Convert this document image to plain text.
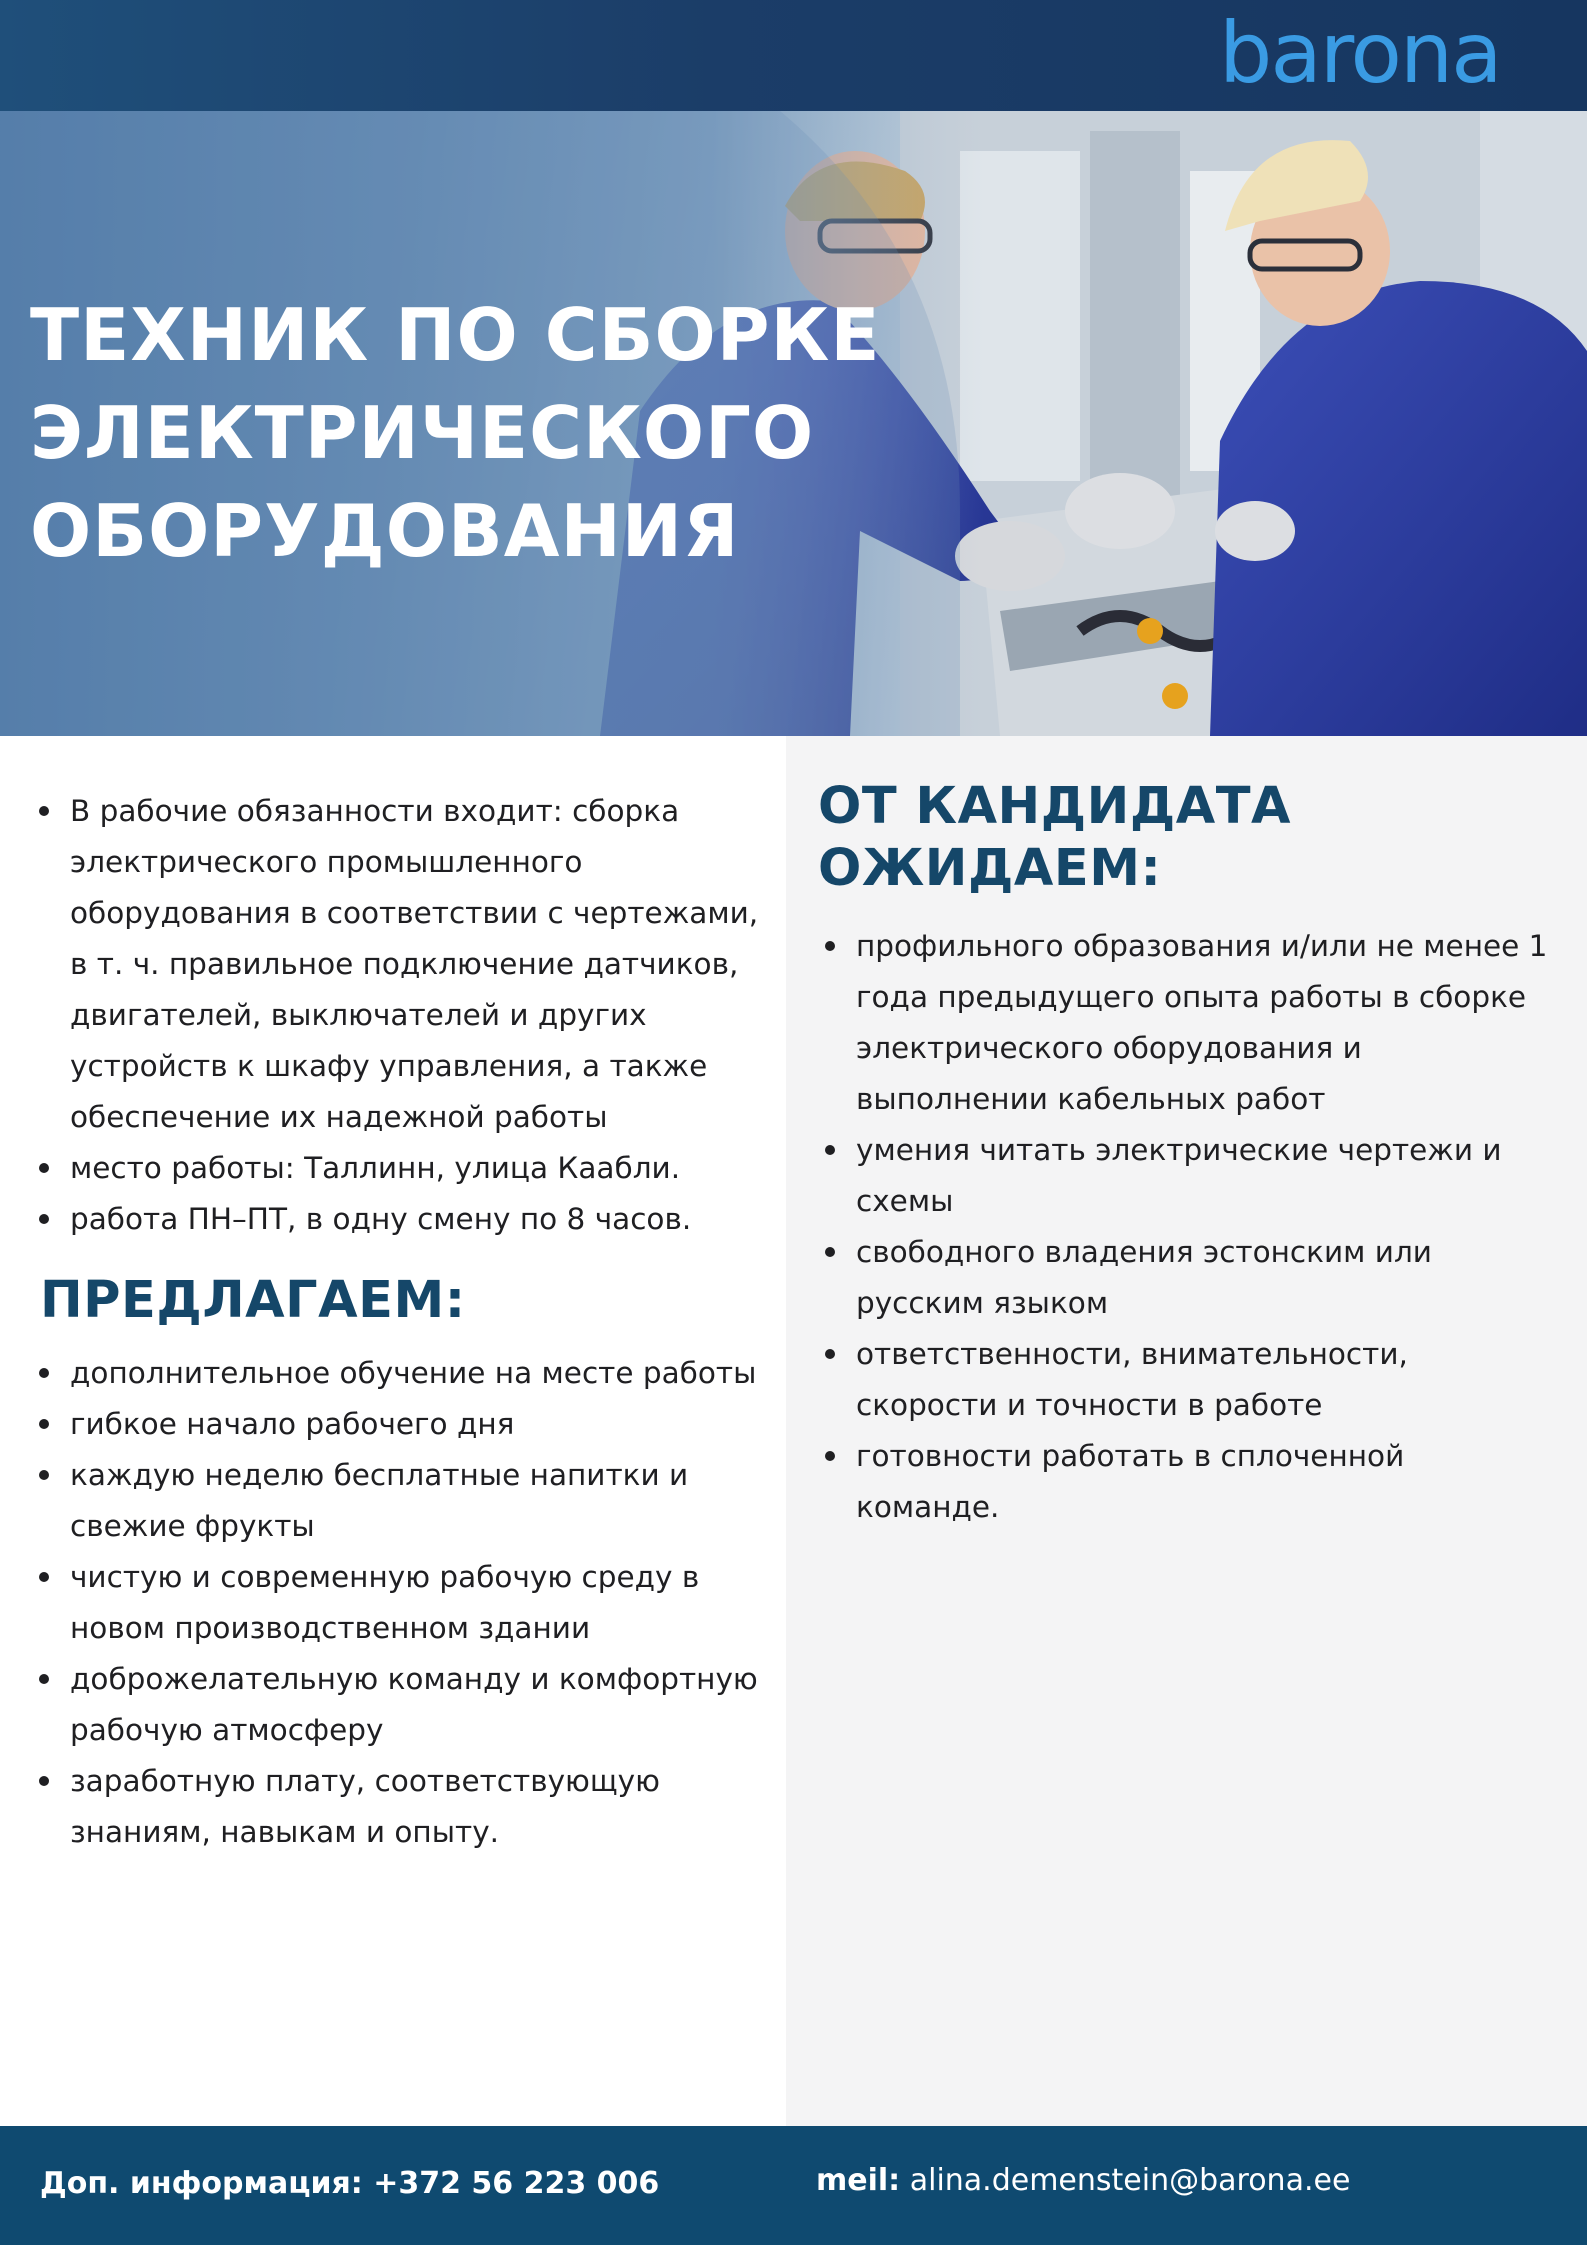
barona
ТЕХНИК ПО СБОРКЕ
ЭЛЕКТРИЧЕСКОГО
ОБОРУДОВАНИЯ
В рабочие обязанности входит: сборка электрического промышленного оборудования в соответствии с чертежами, в т. ч. правильное подключение датчиков, двигателей, выключателей и других устройств к шкафу управления, а также обеспечение их надежной работы
место работы: Таллинн, улица Каабли.
работа ПН–ПТ, в одну смену по 8 часов.
ПРЕДЛАГАЕМ:
дополнительное обучение на месте работы
гибкое начало рабочего дня
каждую неделю бесплатные напитки и свежие фрукты
чистую и современную рабочую среду в новом производственном здании
доброжелательную команду и комфортную рабочую атмосферу
заработную плату, соответствующую знаниям, навыкам и опыту.
ОТ КАНДИДАТА
ОЖИДАЕМ:
профильного образования и/или не менее 1 года предыдущего опыта работы в сборке электрического оборудования и выполнении кабельных работ
умения читать электрические чертежи и схемы
свободного владения эстонским или русским языком
ответственности, внимательности, скорости и точности в работе
готовности работать в сплоченной команде.
Доп. информация: +372 56 223 006	meil: alina.demenstein@barona.ee
